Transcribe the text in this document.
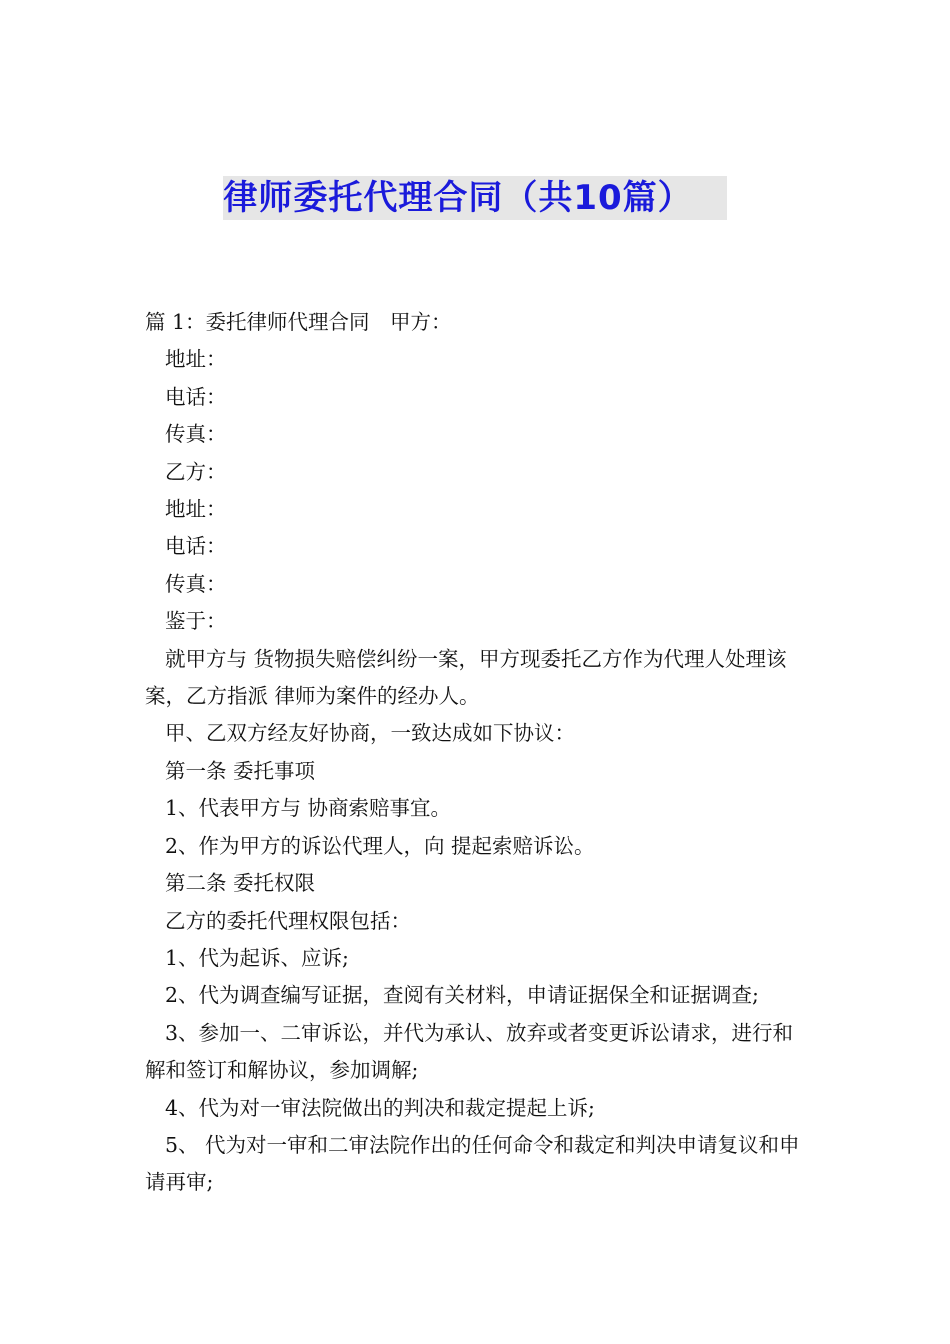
律师委托代理合同（共10篇）

篇 1：委托律师代理合同　甲方：

地址：

电话：

传真：

乙方：

地址：

电话：

传真：

鉴于：

就甲方与 货物损失赔偿纠纷一案，甲方现委托乙方作为代理人处理该案，乙方指派 律师为案件的经办人。

甲、乙双方经友好协商，一致达成如下协议：

第一条 委托事项

1、代表甲方与 协商索赔事宜。

2、作为甲方的诉讼代理人，向 提起索赔诉讼。

第二条 委托权限

乙方的委托代理权限包括：

1、代为起诉、应诉;

2、代为调查编写证据，查阅有关材料，申请证据保全和证据调查;

3、参加一、二审诉讼，并代为承认、放弃或者变更诉讼请求，进行和解和签订和解协议，参加调解;

4、代为对一审法院做出的判决和裁定提起上诉;

5、 代为对一审和二审法院作出的任何命令和裁定和判决申请复议和申请再审;
